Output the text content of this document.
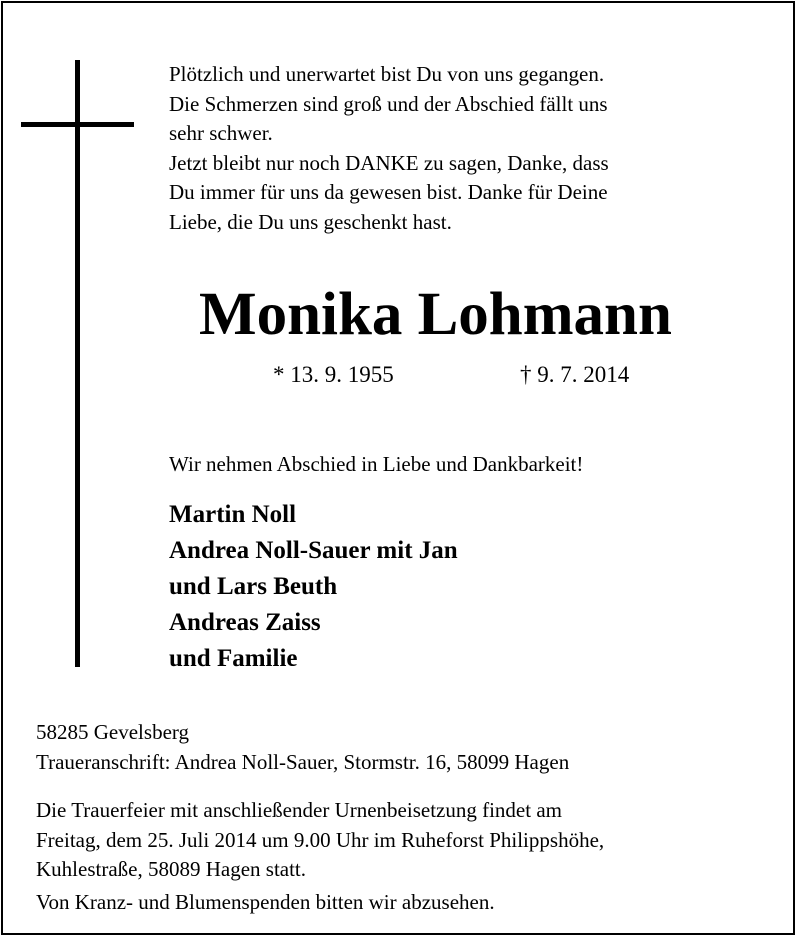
Plötzlich und unerwartet bist Du von uns gegangen.
Die Schmerzen sind groß und der Abschied fällt uns
sehr schwer.
Jetzt bleibt nur noch DANKE zu sagen, Danke, dass
Du immer für uns da gewesen bist. Danke für Deine
Liebe, die Du uns geschenkt hast.
Monika Lohmann
* 13. 9. 1955	† 9. 7. 2014
Wir nehmen Abschied in Liebe und Dankbarkeit!
Martin Noll
Andrea Noll-Sauer mit Jan
und Lars Beuth
Andreas Zaiss
und Familie
58285 Gevelsberg
Traueranschrift: Andrea Noll-Sauer, Stormstr. 16, 58099 Hagen
Die Trauerfeier mit anschließender Urnenbeisetzung findet am
Freitag, dem 25. Juli 2014 um 9.00 Uhr im Ruheforst Philippshöhe,
Kuhlestraße, 58089 Hagen statt.
Von Kranz- und Blumenspenden bitten wir abzusehen.
